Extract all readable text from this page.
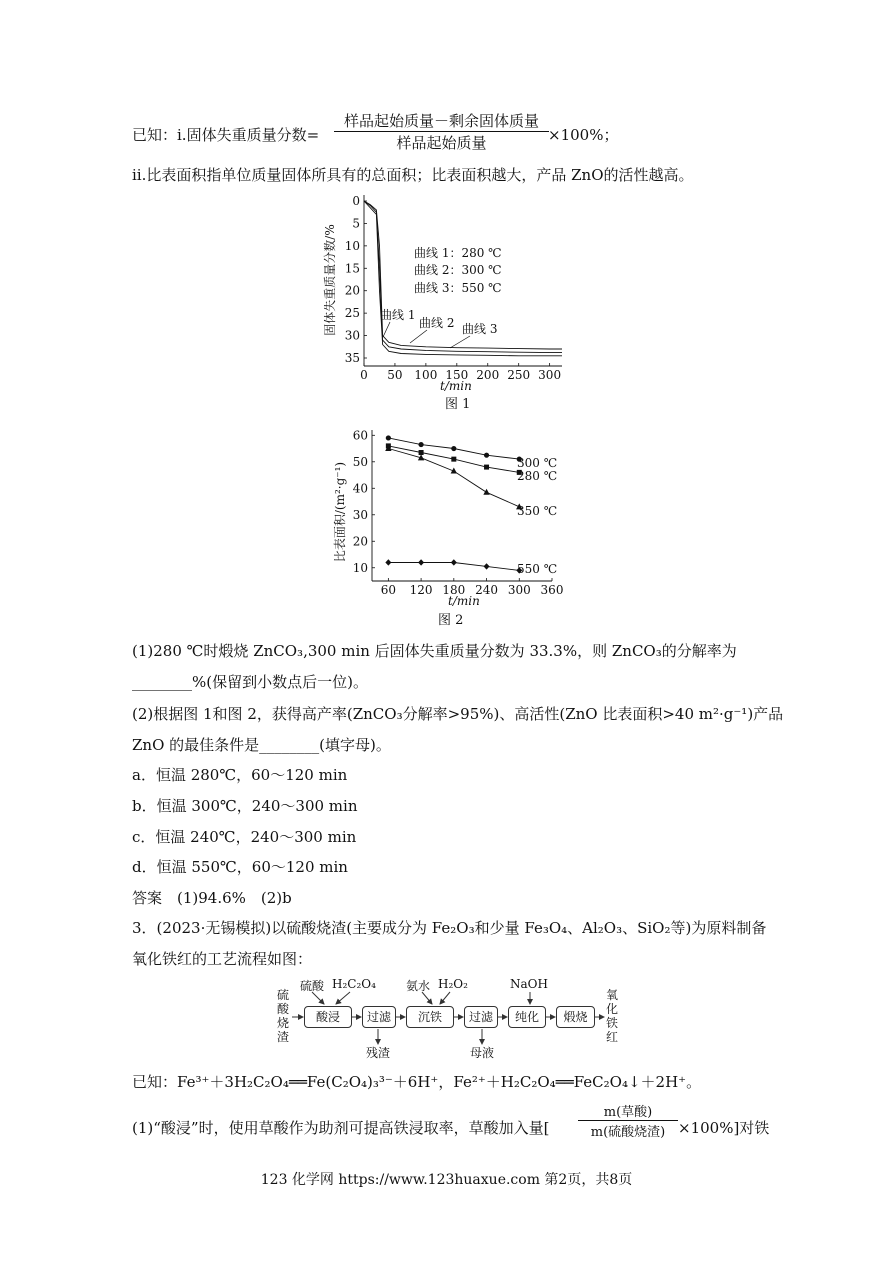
已知：ⅰ.固体失重质量分数=
样品起始质量－剩余固体质量
样品起始质量	×100%；
ⅱ.比表面积指单位质量固体所具有的总面积；比表面积越大，产品 ZnO的活性越高。
0 50 100 150 200 250 300
0
5
10
15
20
25
30
35
曲线 1：280 ℃
曲线 2：300 ℃
曲线 3：550 ℃
曲线 1
曲线 2 曲线 3
t/min
图 1
固体失重质量分数/%
60 120 180 240 300 360
10
20
30
40
50
60
300 ℃
280 ℃
350 ℃
550 ℃
t/min
图 2
比表面积/(m²·g⁻¹)
(1)280 ℃时煅烧 ZnCO₃,300 min 后固体失重质量分数为 33.3%，则 ZnCO₃的分解率为
________%(保留到小数点后一位)。
(2)根据图 1和图 2，获得高产率(ZnCO₃分解率>95%)、高活性(ZnO 比表面积>40 m²·g⁻¹)产品
ZnO 的最佳条件是________(填字母)。
a．恒温 280℃，60～120 min
b．恒温 300℃，240～300 min
c．恒温 240℃，240～300 min
d．恒温 550℃，60～120 min
答案　(1)94.6%　(2)b
3．(2023·无锡模拟)以硫酸烧渣(主要成分为 Fe₂O₃和少量 Fe₃O₄、Al₂O₃、SiO₂等)为原料制备
氧化铁红的工艺流程如图：
硫酸烧渣
氧化铁红
硫酸 H₂C₂O₄	氨水 H₂O₂	NaOH
酸浸	过滤	沉铁	过滤	纯化	煅烧
残渣	母液
已知：Fe³⁺＋3H₂C₂O₄══Fe(C₂O₄)₃³⁻＋6H⁺，Fe²⁺＋H₂C₂O₄══FeC₂O₄↓＋2H⁺。
(1)“酸浸”时，使用草酸作为助剂可提高铁浸取率，草酸加入量[
m(草酸)
m(硫酸烧渣) ×100%]对铁
123 化学网 https://www.123huaxue.com 第2页，共8页
